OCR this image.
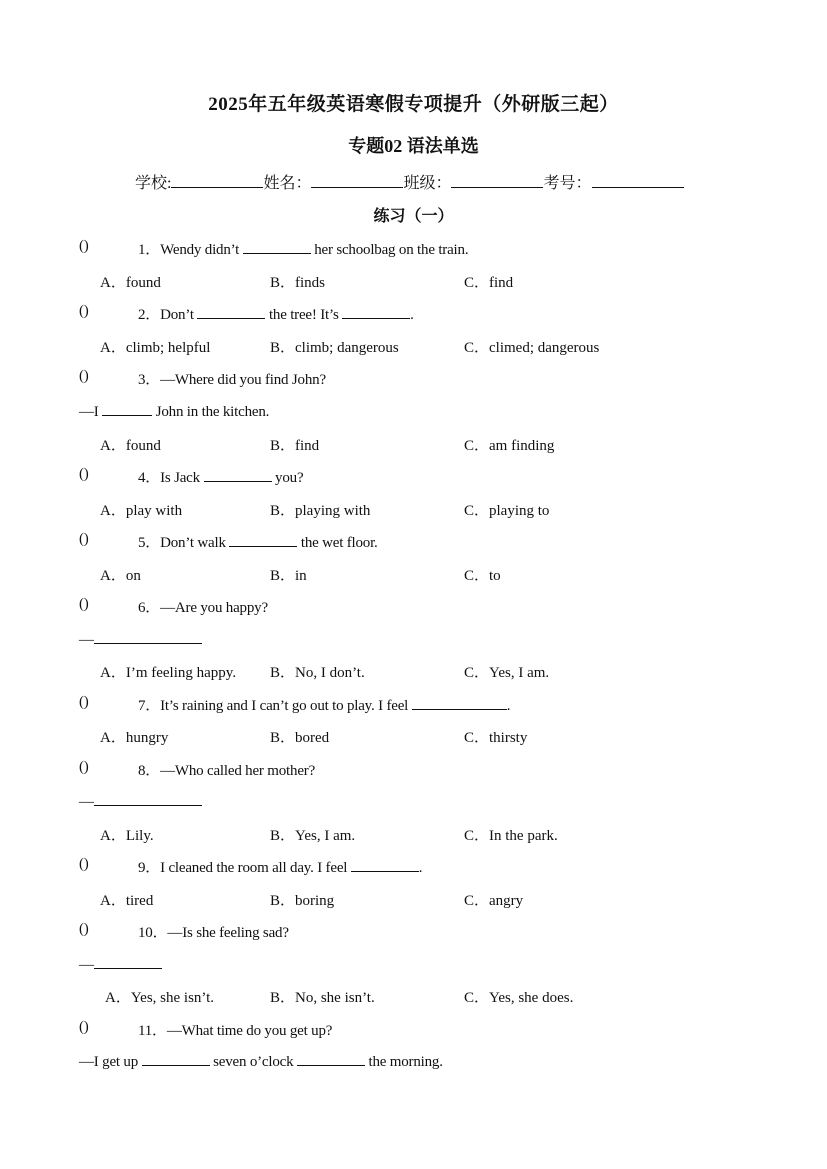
2025年五年级英语寒假专项提升（外研版三起）
专题02 语法单选
学校:	姓名：	班级：	考号：
练习（一）
()	1．Wendy didn’t	her schoolbag on the train.
A．found	B．finds	C．find
()	2．Don’t	the tree! It’s	.
A．climb; helpful	B．climb; dangerous	C．climed; dangerous
()	3．—Where did you find John?
—I	John in the kitchen.
A．found	B．find	C．am finding
()	4．Is Jack	you?
A．play with	B．playing with	C．playing to
()	5．Don’t walk	the wet floor.
A．on	B．in	C．to
()	6．—Are you happy?
—
A．I’m feeling happy. B．No, I don’t.	C．Yes, I am.
()	7．It’s raining and I can’t go out to play. I feel	.
A．hungry	B．bored	C．thirsty
()	8．—Who called her mother?
—
A．Lily.	B．Yes, I am.	C．In the park.
()	9．I cleaned the room all day. I feel	.
A．tired	B．boring	C．angry
()	10．—Is she feeling sad?
—
A．Yes, she isn’t.	B．No, she isn’t.	C．Yes, she does.
()	11．—What time do you get up?
—I get up	seven o’clock	the morning.
